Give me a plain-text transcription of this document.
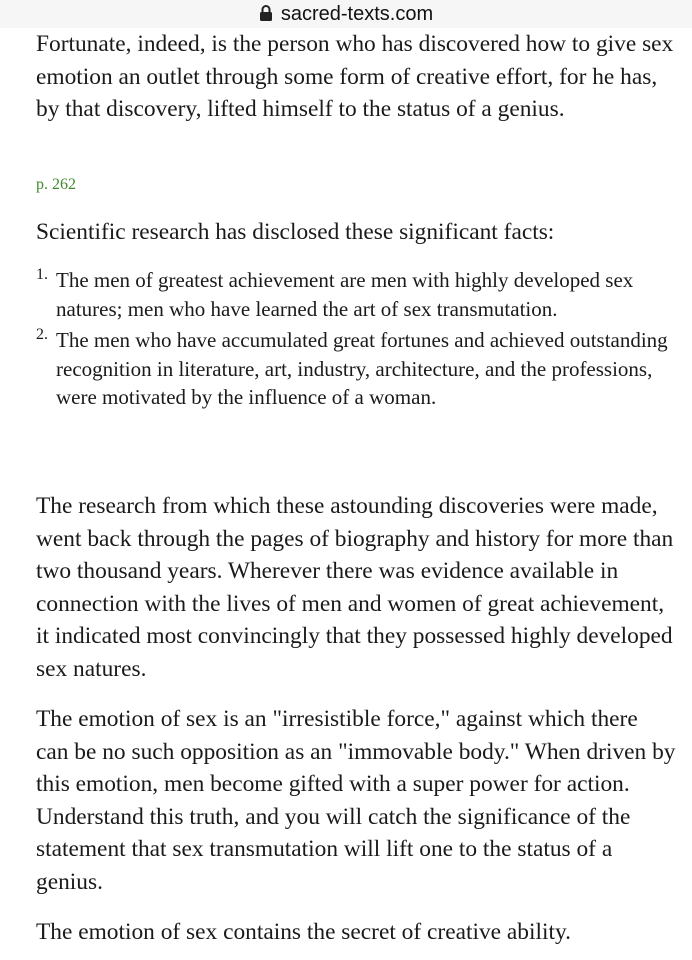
sacred-texts.com

Fortunate, indeed, is the person who has discovered how to give sex emotion an outlet through some form of creative effort, for he has, by that discovery, lifted himself to the status of a genius.

p. 262

Scientific research has disclosed these significant facts:

1. The men of greatest achievement are men with highly developed sex natures; men who have learned the art of sex transmutation.
2. The men who have accumulated great fortunes and achieved outstanding recognition in literature, art, industry, architecture, and the professions, were motivated by the influence of a woman.

The research from which these astounding discoveries were made, went back through the pages of biography and history for more than two thousand years. Wherever there was evidence available in connection with the lives of men and women of great achievement, it indicated most convincingly that they possessed highly developed sex natures.

The emotion of sex is an "irresistible force," against which there can be no such opposition as an "immovable body." When driven by this emotion, men become gifted with a super power for action. Understand this truth, and you will catch the significance of the statement that sex transmutation will lift one to the status of a genius.

The emotion of sex contains the secret of creative ability.
